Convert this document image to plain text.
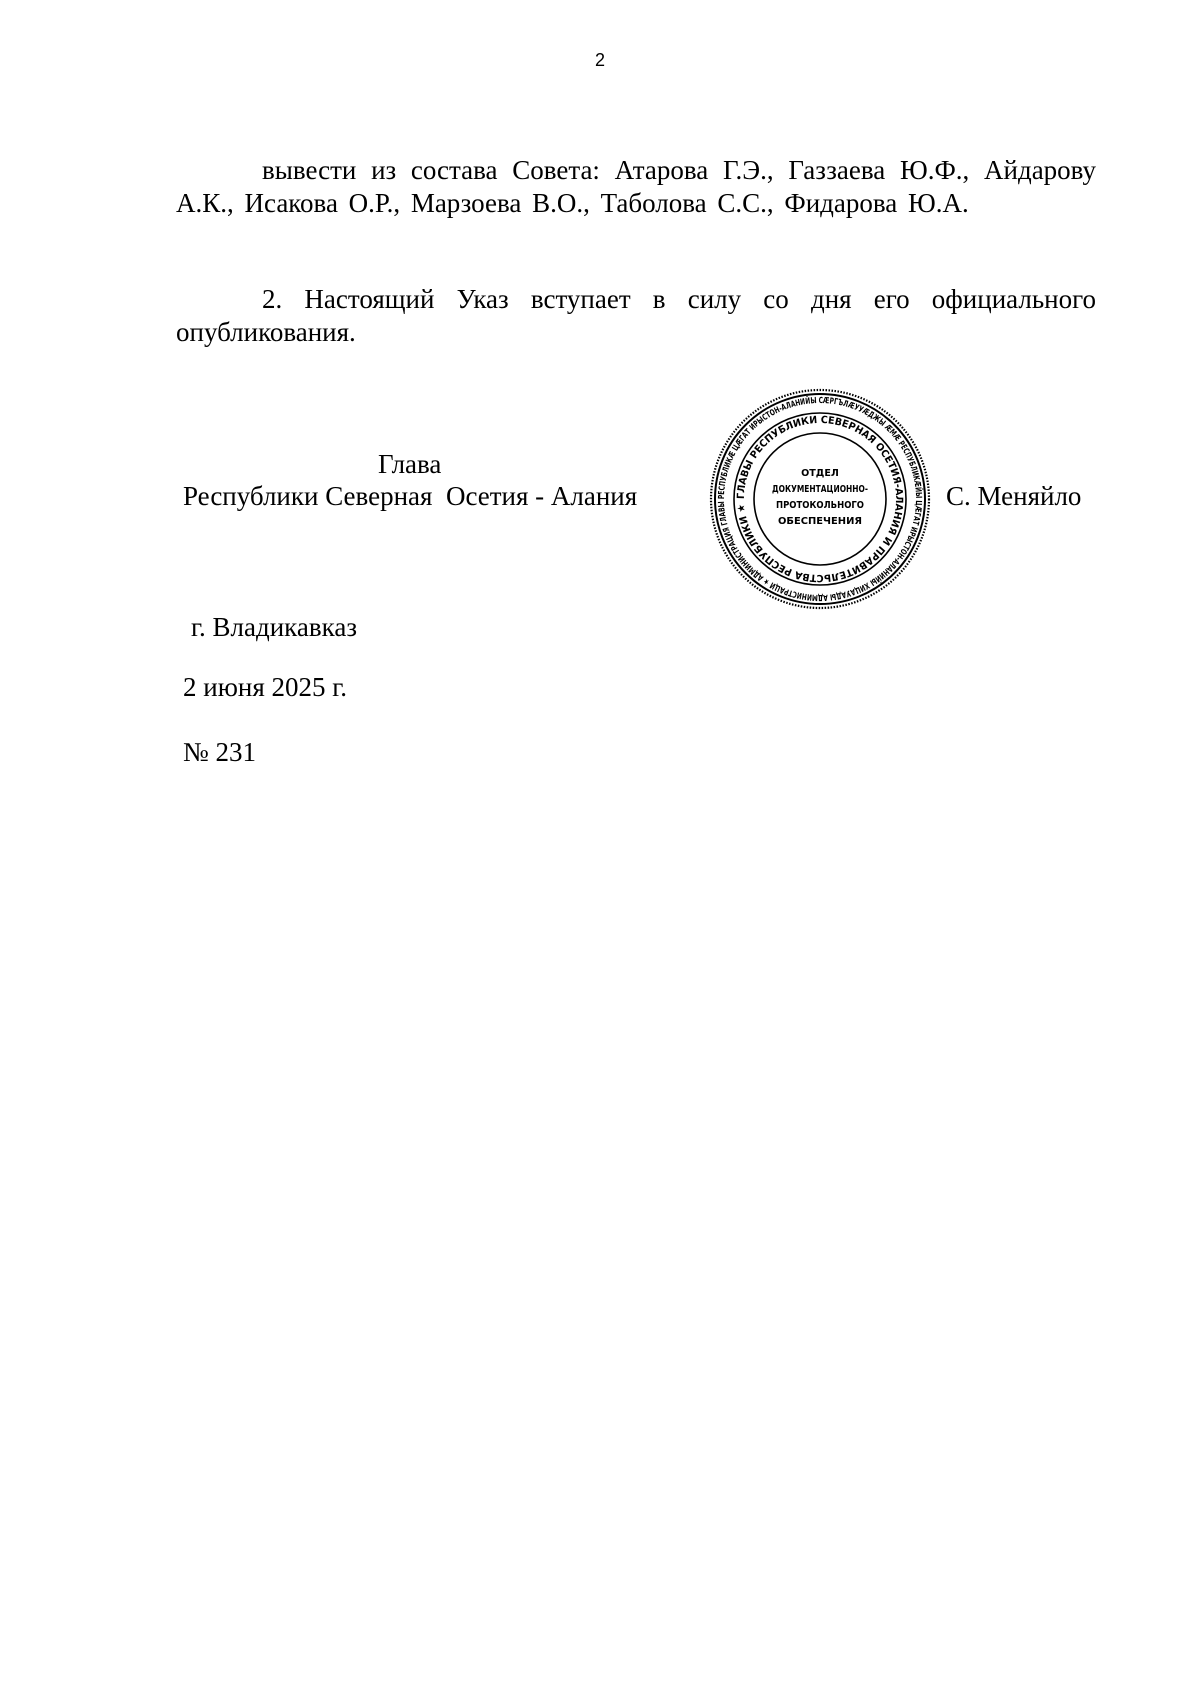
2
вывести из состава Совета: Атарова Г.Э., Газзаева Ю.Ф., Айдарову А.К., Исакова О.Р., Марзоева В.О., Таболова С.С., Фидарова Ю.А.
2. Настоящий Указ вступает в силу со дня его официального опубликования.
Глава
Республики Северная  Осетия - Алания	РЕСПУБЛИКӔ ЦӔГАТ ИРЫСТОН-АЛАНИЙЫ СӔРГЪЛӔУУӔДЖЫ ӔМӔ РЕСПУБЛИКӔЙЫ ЦӔГАТ ИРЫСТОН-АЛАНИЙЫ ХИЦАУАДЫ АДМИНИСТРАЦИ ★ АДМИНИСТРАЦИЯ ГЛАВЫ
ГЛАВЫ РЕСПУБЛИКИ СЕВЕРНАЯ ОСЕТИЯ-АЛАНИЯ И ПРАВИТЕЛЬСТВА РЕСПУБЛИКИ ★
ОТДЕЛ
ДОКУМЕНТАЦИОННО-
ПРОТОКОЛЬНОГО
ОБЕСПЕЧЕНИЯ
С. Меняйло
г. Владикавказ
2 июня 2025 г.
№ 231
